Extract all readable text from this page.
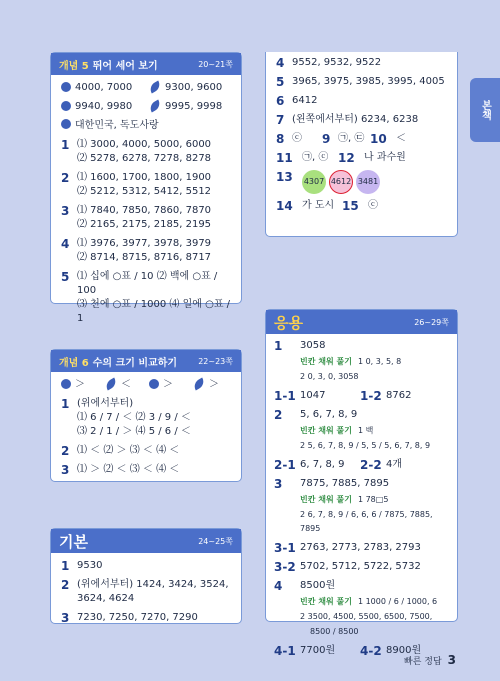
본책
개념 5 뛰어 세어 보기	20~21쪽
4000, 7000	9300, 9600
9940, 9980	9995, 9998
대한민국, 독도사랑
1 ⑴ 3000, 4000, 5000, 6000
⑵ 5278, 6278, 7278, 8278
2 ⑴ 1600, 1700, 1800, 1900
⑵ 5212, 5312, 5412, 5512
3 ⑴ 7840, 7850, 7860, 7870
⑵ 2165, 2175, 2185, 2195
4 ⑴ 3976, 3977, 3978, 3979
⑵ 8714, 8715, 8716, 8717
5 ⑴ 십에 ○표 / 10 ⑵ 백에 ○표 / 100
⑶ 천에 ○표 / 1000 ⑷ 일에 ○표 / 1
개념 6 수의 크기 비교하기	22~23쪽
＞	＜	＞	＞
1 (위에서부터)
⑴ 6 / 7 / ＜ ⑵ 3 / 9 / ＜
⑶ 2 / 1 / ＞ ⑷ 5 / 6 / ＜
2 ⑴ ＜ ⑵ ＞ ⑶ ＜ ⑷ ＜
3 ⑴ ＞ ⑵ ＜ ⑶ ＜ ⑷ ＜
기본	24~25쪽
1 9530
2 (위에서부터) 1424, 3424, 3524,
3624, 4624
3 7230, 7250, 7270, 7290
4 9552, 9532, 9522
5 3965, 3975, 3985, 3995, 4005
6 6412
7 (왼쪽에서부터) 6234, 6238
8 ⓒ	9 ㉠, ㉢ 10 ＜
11 ㉠, ⓒ 12 나 과수원
13	4307 4612 3481
14 가 도시 15 ⓒ
응용	26~29쪽
1	3058
빈칸 채워 풀기 1 0, 3, 5, 8
2 0, 3, 0, 3058
1-1 1047	1-2 8762
2	5, 6, 7, 8, 9
빈칸 채워 풀기 1 백
2 5, 6, 7, 8, 9 / 5, 5 / 5, 6, 7, 8, 9
2-1 6, 7, 8, 9	2-2 4개
3	7875, 7885, 7895
빈칸 채워 풀기 1 78□5
2 6, 7, 8, 9 / 6, 6, 6 / 7875, 7885, 7895
3-1 2763, 2773, 2783, 2793
3-2 5702, 5712, 5722, 5732
4	8500원
빈칸 채워 풀기 1 1000 / 6 / 1000, 6
2 3500, 4500, 5500, 6500, 7500,
8500 / 8500
4-1 7700원	4-2 8900원
빠른 정답 3
